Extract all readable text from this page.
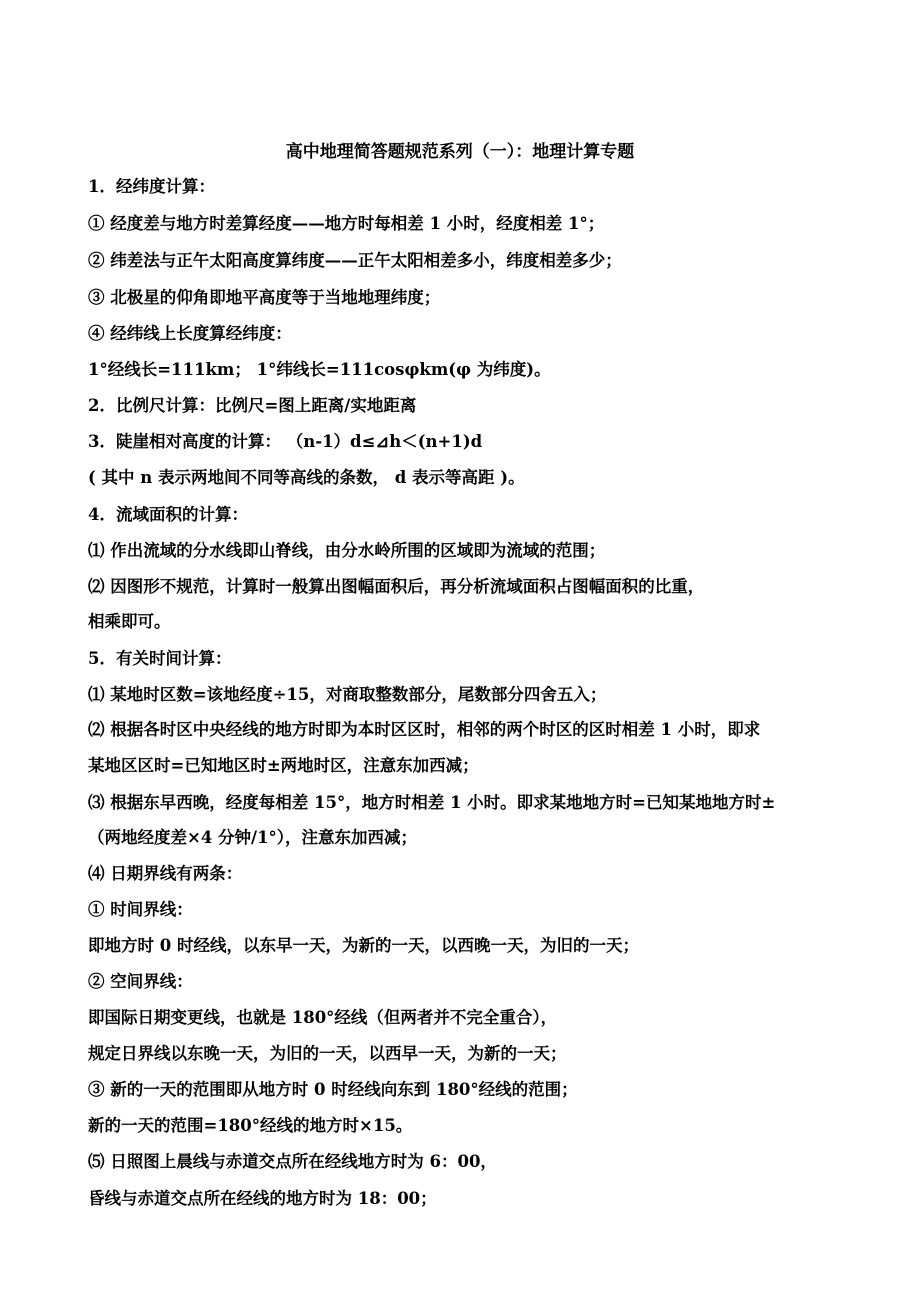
高中地理简答题规范系列（一）：地理计算专题
1．经纬度计算：
① 经度差与地方时差算经度——地方时每相差 1 小时，经度相差 1°；
② 纬差法与正午太阳高度算纬度——正午太阳相差多小，纬度相差多少；
③ 北极星的仰角即地平高度等于当地地理纬度；
④ 经纬线上长度算经纬度：
1°经线长=111km； 1°纬线长=111cosφkm(φ 为纬度)。
2．比例尺计算：比例尺=图上距离/实地距离
3．陡崖相对高度的计算： （n-1）d≤⊿h＜(n+1)d
( 其中 n 表示两地间不同等高线的条数， d 表示等高距 )。
4．流域面积的计算：
⑴ 作出流域的分水线即山脊线，由分水岭所围的区域即为流域的范围；
⑵ 因图形不规范，计算时一般算出图幅面积后，再分析流域面积占图幅面积的比重，
相乘即可。
5．有关时间计算：
⑴ 某地时区数=该地经度÷15，对商取整数部分，尾数部分四舍五入；
⑵ 根据各时区中央经线的地方时即为本时区区时，相邻的两个时区的区时相差 1 小时，即求
某地区区时=已知地区时±两地时区，注意东加西减；
⑶ 根据东早西晚，经度每相差 15°，地方时相差 1 小时。即求某地地方时=已知某地地方时±
（两地经度差×4 分钟/1°），注意东加西减；
⑷ 日期界线有两条：
① 时间界线：
即地方时 0 时经线，以东早一天，为新的一天，以西晚一天，为旧的一天；
② 空间界线：
即国际日期变更线，也就是 180°经线（但两者并不完全重合），
规定日界线以东晚一天，为旧的一天，以西早一天，为新的一天；
③ 新的一天的范围即从地方时 0 时经线向东到 180°经线的范围；
新的一天的范围=180°经线的地方时×15。
⑸ 日照图上晨线与赤道交点所在经线地方时为 6：00，
昏线与赤道交点所在经线的地方时为 18：00；
